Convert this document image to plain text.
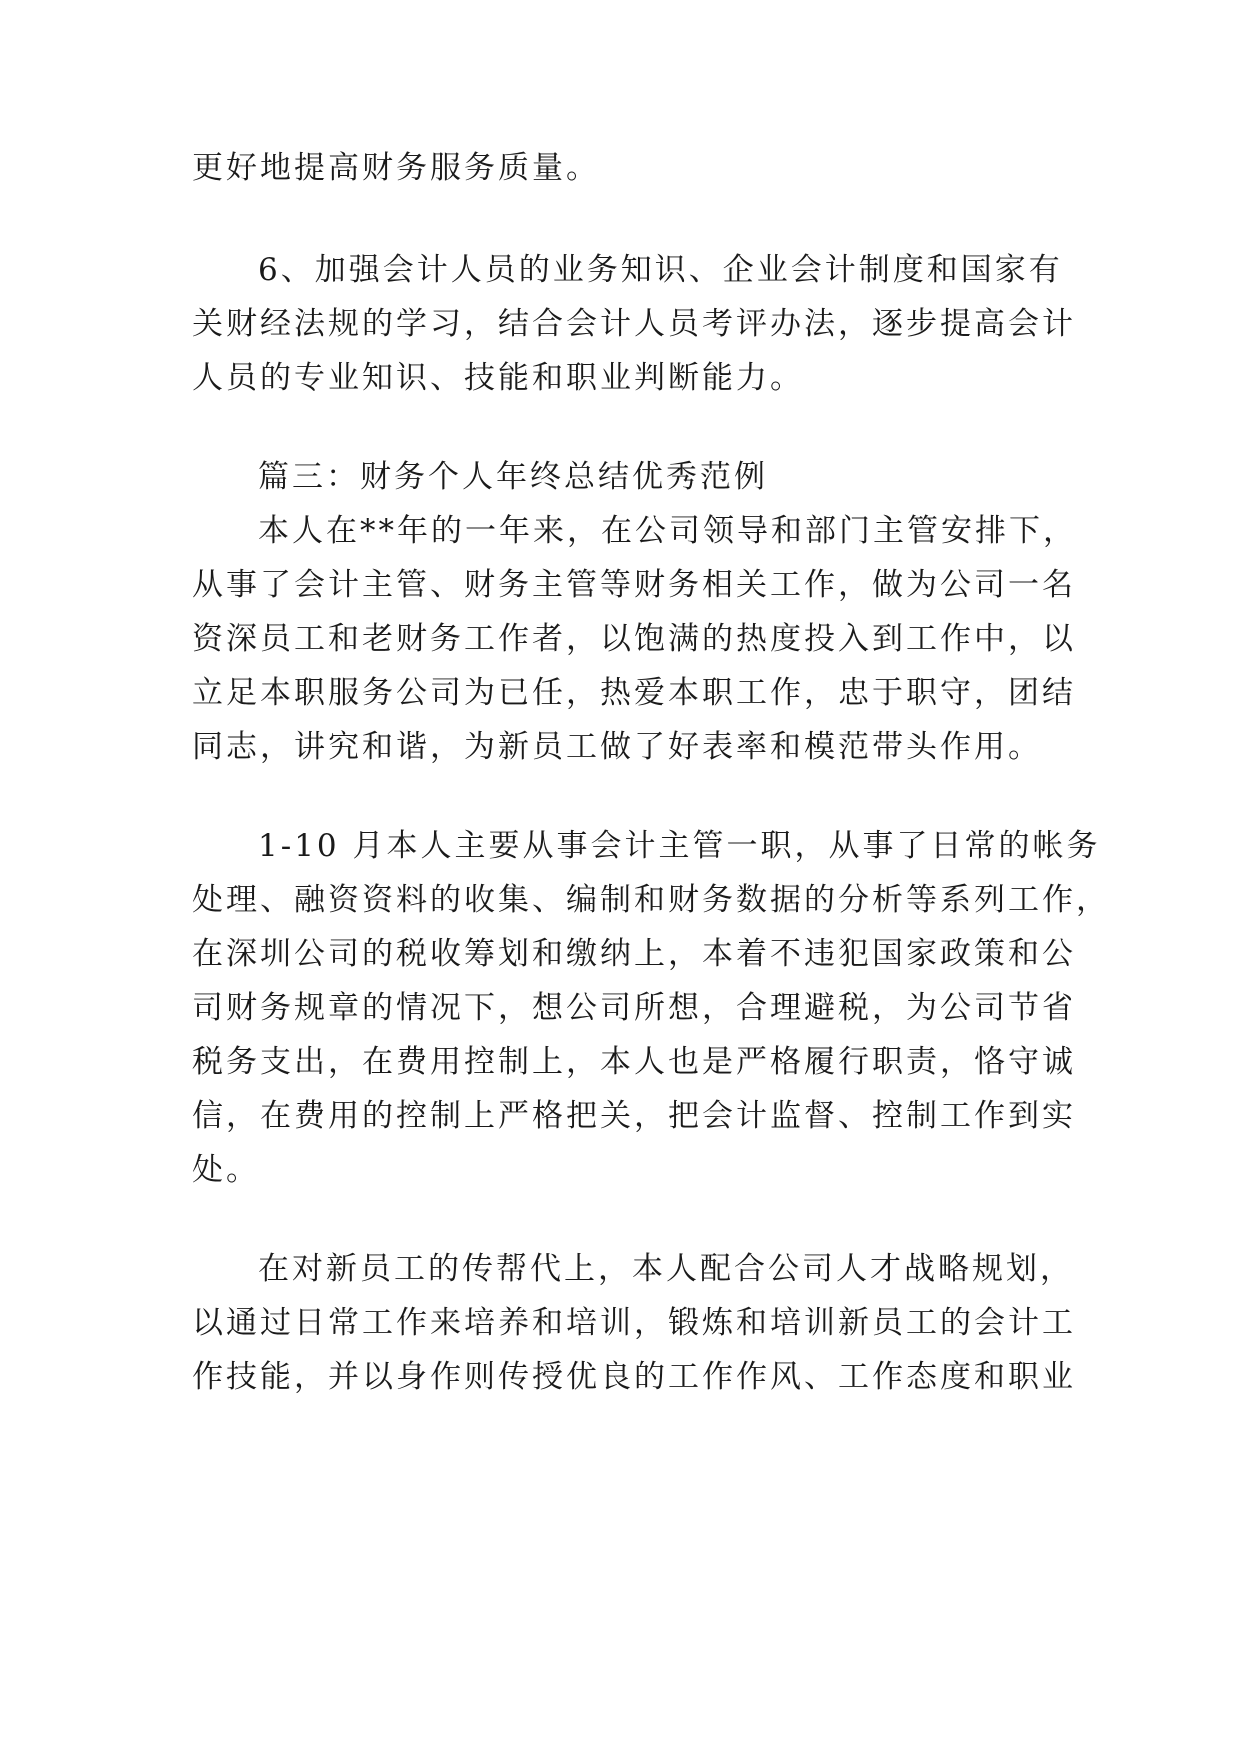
更好地提高财务服务质量。
6、加强会计人员的业务知识、企业会计制度和国家有
关财经法规的学习，结合会计人员考评办法，逐步提高会计
人员的专业知识、技能和职业判断能力。
篇三：财务个人年终总结优秀范例
本人在**年的一年来，在公司领导和部门主管安排下，
从事了会计主管、财务主管等财务相关工作，做为公司一名
资深员工和老财务工作者，以饱满的热度投入到工作中，以
立足本职服务公司为已任，热爱本职工作，忠于职守，团结
同志，讲究和谐，为新员工做了好表率和模范带头作用。
1-10 月本人主要从事会计主管一职，从事了日常的帐务
处理、融资资料的收集、编制和财务数据的分析等系列工作，
在深圳公司的税收筹划和缴纳上，本着不违犯国家政策和公
司财务规章的情况下，想公司所想，合理避税，为公司节省
税务支出，在费用控制上，本人也是严格履行职责，恪守诚
信，在费用的控制上严格把关，把会计监督、控制工作到实
处。
在对新员工的传帮代上，本人配合公司人才战略规划，
以通过日常工作来培养和培训，锻炼和培训新员工的会计工
作技能，并以身作则传授优良的工作作风、工作态度和职业
